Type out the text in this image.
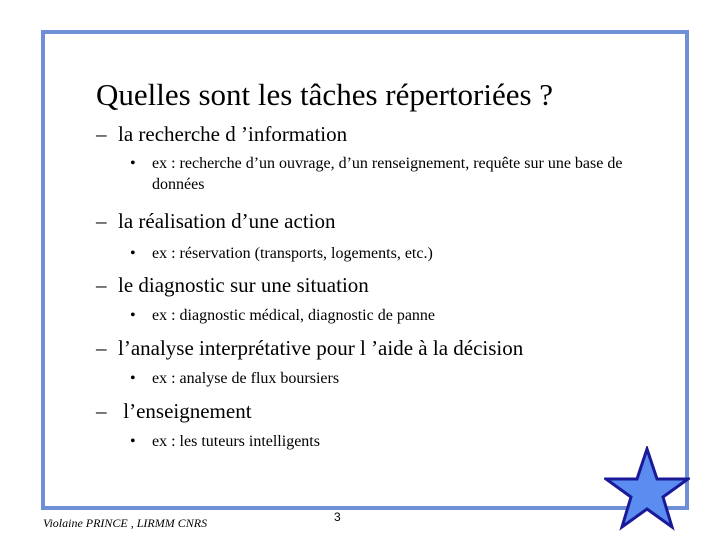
Quelles sont les tâches répertoriées ?
– la recherche d ’information
•	ex : recherche d’un ouvrage, d’un renseignement, requête sur une base de données
– la réalisation d’une action
•	ex : réservation (transports, logements, etc.)
– le diagnostic sur une situation
•	ex : diagnostic médical, diagnostic de panne
– l’analyse interprétative pour l ’aide à la décision
•	ex : analyse de flux boursiers
– l’enseignement
•	ex : les tuteurs intelligents
Violaine PRINCE , LIRMM CNRS	3
